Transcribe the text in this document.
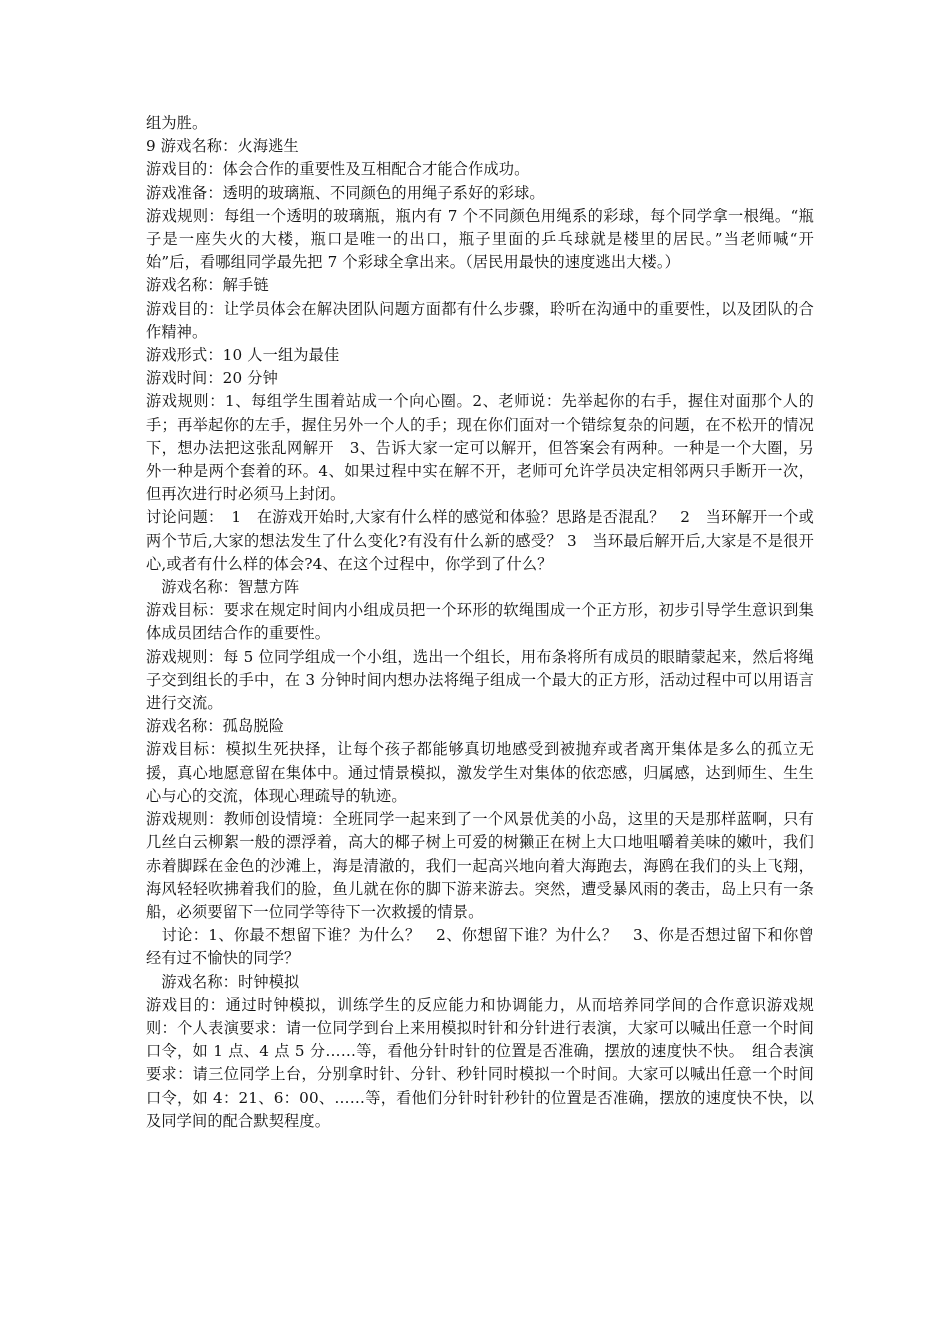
组为胜。

9 游戏名称：火海逃生

游戏目的：体会合作的重要性及互相配合才能合作成功。

游戏准备：透明的玻璃瓶、不同颜色的用绳子系好的彩球。

游戏规则：每组一个透明的玻璃瓶，瓶内有 7 个不同颜色用绳系的彩球，每个同学拿一根绳。“瓶子是一座失火的大楼，瓶口是唯一的出口，瓶子里面的乒乓球就是楼里的居民。”当老师喊“开始”后，看哪组同学最先把 7 个彩球全拿出来。（居民用最快的速度逃出大楼。）

游戏名称：解手链

游戏目的：让学员体会在解决团队问题方面都有什么步骤，聆听在沟通中的重要性，以及团队的合作精神。

游戏形式：10 人一组为最佳

游戏时间：20 分钟

游戏规则：1、每组学生围着站成一个向心圈。2、老师说：先举起你的右手，握住对面那个人的手；再举起你的左手，握住另外一个人的手；现在你们面对一个错综复杂的问题，在不松开的情况下，想办法把这张乱网解开　3、告诉大家一定可以解开，但答案会有两种。一种是一个大圈，另外一种是两个套着的环。4、如果过程中实在解不开，老师可允许学员决定相邻两只手断开一次，但再次进行时必须马上封闭。

讨论问题：　1　在游戏开始时,大家有什么样的感觉和体验？思路是否混乱？　2　当环解开一个或两个节后,大家的想法发生了什么变化?有没有什么新的感受？ 3　当环最后解开后,大家是不是很开心,或者有什么样的体会?4、在这个过程中，你学到了什么？

　游戏名称：智慧方阵

游戏目标：要求在规定时间内小组成员把一个环形的软绳围成一个正方形，初步引导学生意识到集体成员团结合作的重要性。

游戏规则：每 5 位同学组成一个小组，选出一个组长，用布条将所有成员的眼睛蒙起来，然后将绳子交到组长的手中，在 3 分钟时间内想办法将绳子组成一个最大的正方形，活动过程中可以用语言进行交流。

游戏名称：孤岛脱险

游戏目标：模拟生死抉择，让每个孩子都能够真切地感受到被抛弃或者离开集体是多么的孤立无援，真心地愿意留在集体中。通过情景模拟，激发学生对集体的依恋感，归属感，达到师生、生生心与心的交流，体现心理疏导的轨迹。

游戏规则：教师创设情境：全班同学一起来到了一个风景优美的小岛，这里的天是那样蓝啊，只有几丝白云柳絮一般的漂浮着，高大的椰子树上可爱的树獭正在树上大口地咀嚼着美味的嫩叶，我们赤着脚踩在金色的沙滩上，海是清澈的，我们一起高兴地向着大海跑去，海鸥在我们的头上飞翔，海风轻轻吹拂着我们的脸，鱼儿就在你的脚下游来游去。突然，遭受暴风雨的袭击，岛上只有一条船，必须要留下一位同学等待下一次救援的情景。

　讨论：1、你最不想留下谁？为什么？　2、你想留下谁？为什么？　3、你是否想过留下和你曾经有过不愉快的同学？

　游戏名称：时钟模拟

游戏目的：通过时钟模拟，训练学生的反应能力和协调能力，从而培养同学间的合作意识游戏规则：个人表演要求：请一位同学到台上来用模拟时针和分针进行表演，大家可以喊出任意一个时间口令，如 1 点、4 点 5 分……等，看他分针时针的位置是否准确，摆放的速度快不快。　组合表演要求：请三位同学上台，分别拿时针、分针、秒针同时模拟一个时间。大家可以喊出任意一个时间口令，如 4：21、6：00、……等，看他们分针时针秒针的位置是否准确，摆放的速度快不快，以及同学间的配合默契程度。
